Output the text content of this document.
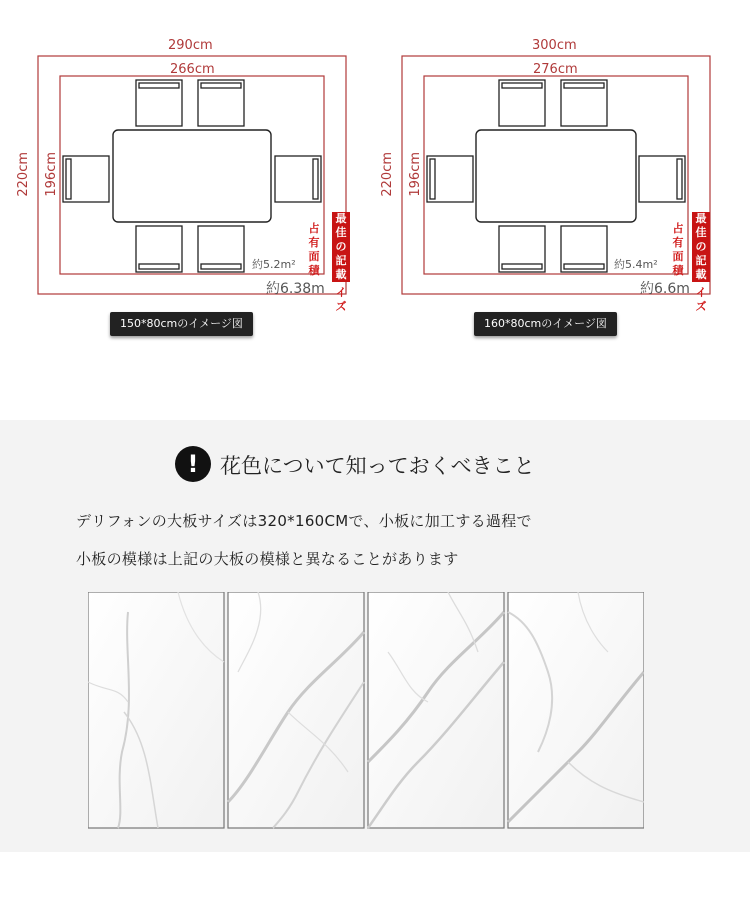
290cm
266cm
220cm 196cm
約5.2m²
約6.38m
占有面積
最佳の記載
イズ
150*80cmのイメージ図
300cm
276cm
220cm 196cm
約5.4m²
約6.6m
占有面積
最佳の記載
イズ
160*80cmのイメージ図
!	花色について知っておくべきこと
デリフォンの大板サイズは320*160CMで、小板に加工する過程で
小板の模様は上記の大板の模様と異なることがあります
